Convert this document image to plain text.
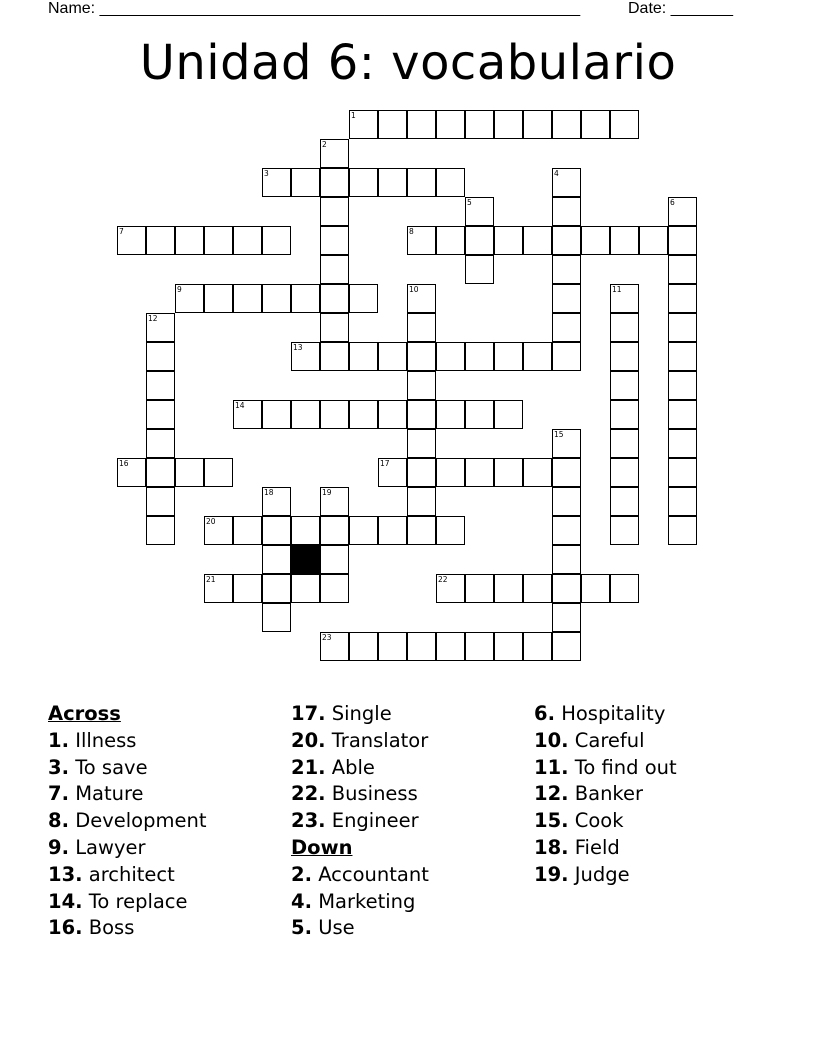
Name: ______________________________________________________	Date: _______
Unidad 6: vocabulario
1
3
7	8
9
13
14
16	17
20
21	22
23
2
4
5	6
10	11
12
15
18	19
Across
1. Illness
3. To save
7. Mature
8. Development
9. Lawyer
13. architect
14. To replace
16. Boss
17. Single
20. Translator
21. Able
22. Business
23. Engineer
Down
2. Accountant
4. Marketing
5. Use
6. Hospitality
10. Careful
11. To find out
12. Banker
15. Cook
18. Field
19. Judge
